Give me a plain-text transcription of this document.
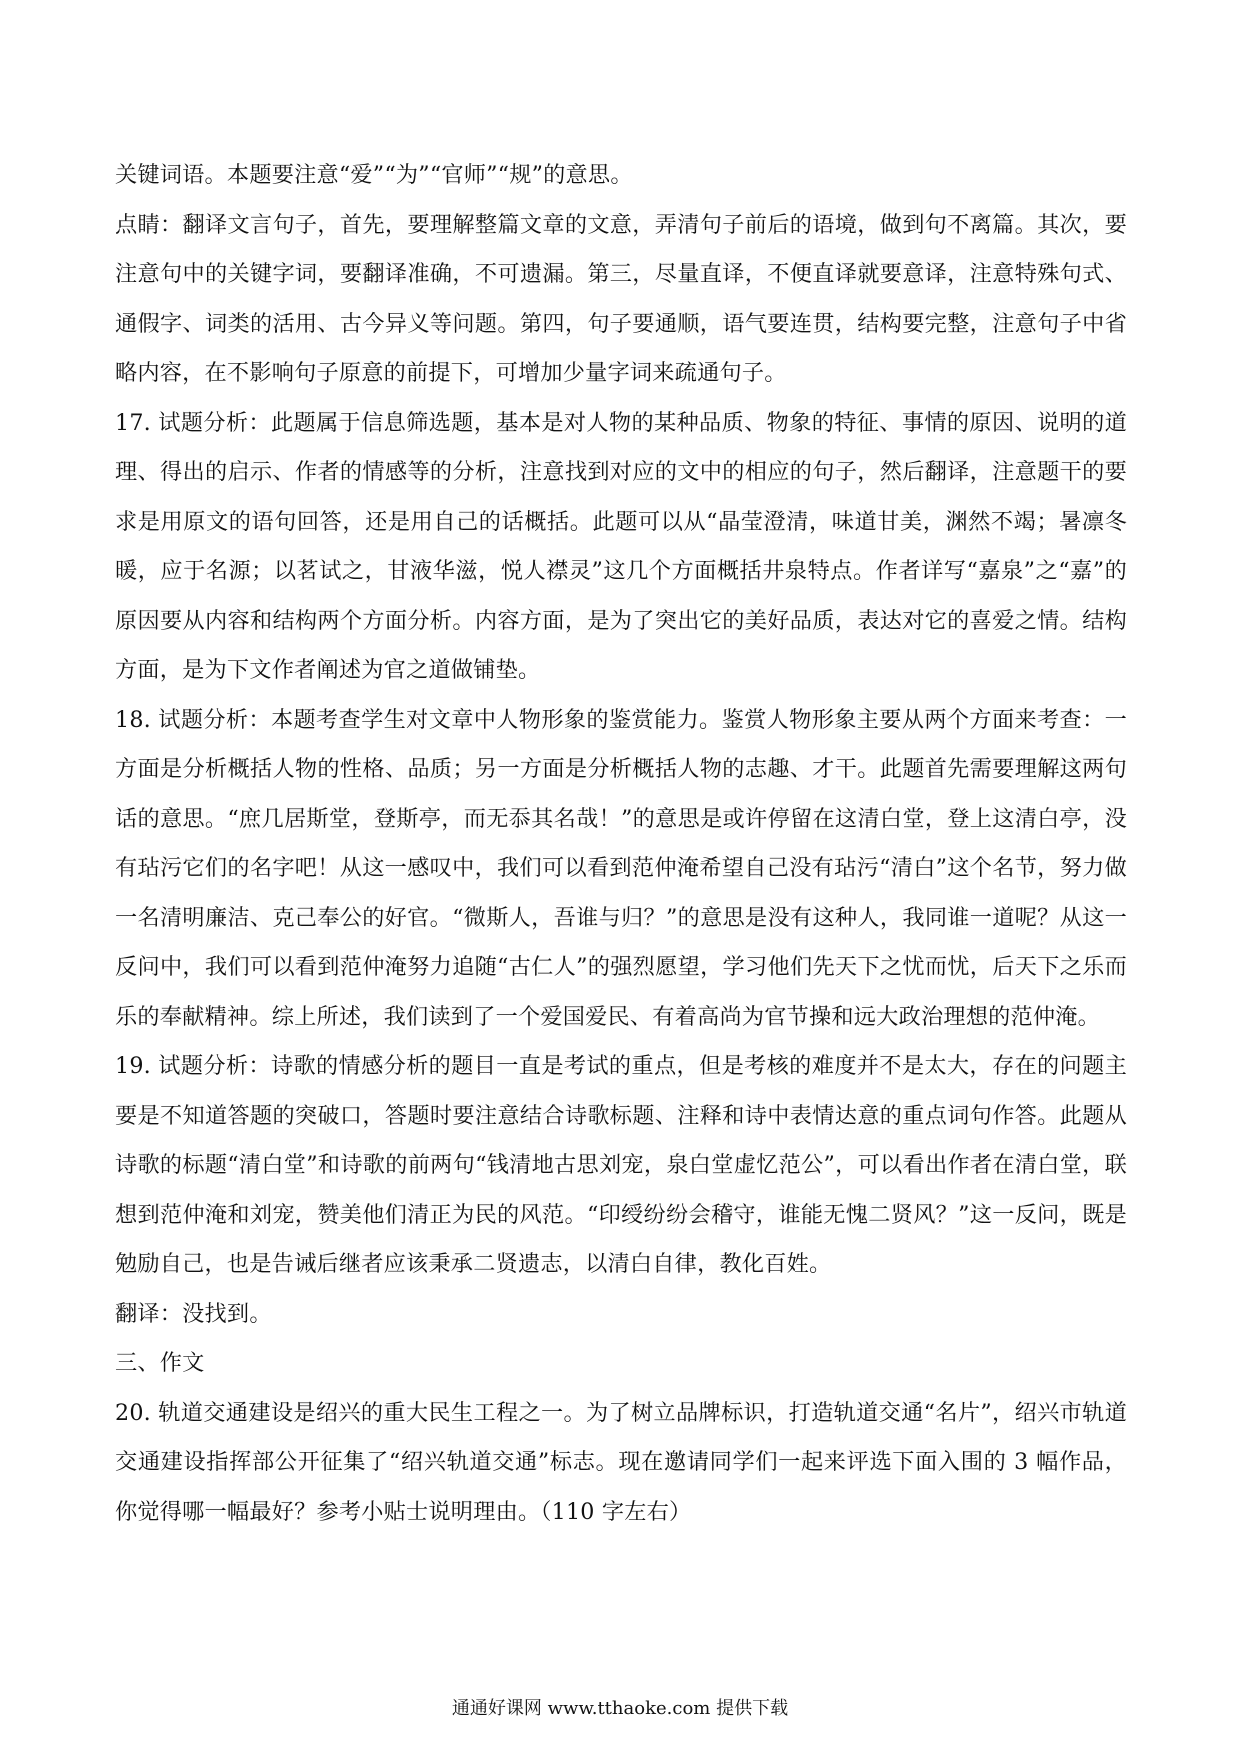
关键词语。本题要注意“爱”“为”“官师”“规”的意思。

点睛：翻译文言句子，首先，要理解整篇文章的文意，弄清句子前后的语境，做到句不离篇。其次，要注意句中的关键字词，要翻译准确，不可遗漏。第三，尽量直译，不便直译就要意译，注意特殊句式、通假字、词类的活用、古今异义等问题。第四，句子要通顺，语气要连贯，结构要完整，注意句子中省略内容，在不影响句子原意的前提下，可增加少量字词来疏通句子。

17. 试题分析：此题属于信息筛选题，基本是对人物的某种品质、物象的特征、事情的原因、说明的道理、得出的启示、作者的情感等的分析，注意找到对应的文中的相应的句子，然后翻译，注意题干的要求是用原文的语句回答，还是用自己的话概括。此题可以从“晶莹澄清，味道甘美，渊然不竭；暑凛冬暖，应于名源；以茗试之，甘液华滋，悦人襟灵”这几个方面概括井泉特点。作者详写“嘉泉”之“嘉”的原因要从内容和结构两个方面分析。内容方面，是为了突出它的美好品质，表达对它的喜爱之情。结构方面，是为下文作者阐述为官之道做铺垫。

18. 试题分析：本题考查学生对文章中人物形象的鉴赏能力。鉴赏人物形象主要从两个方面来考查：一方面是分析概括人物的性格、品质；另一方面是分析概括人物的志趣、才干。此题首先需要理解这两句话的意思。“庶几居斯堂，登斯亭，而无忝其名哉！”的意思是或许停留在这清白堂，登上这清白亭，没有玷污它们的名字吧！从这一感叹中，我们可以看到范仲淹希望自己没有玷污“清白”这个名节，努力做一名清明廉洁、克己奉公的好官。“微斯人，吾谁与归？”的意思是没有这种人，我同谁一道呢？从这一反问中，我们可以看到范仲淹努力追随“古仁人”的强烈愿望，学习他们先天下之忧而忧，后天下之乐而乐的奉献精神。综上所述，我们读到了一个爱国爱民、有着高尚为官节操和远大政治理想的范仲淹。

19. 试题分析：诗歌的情感分析的题目一直是考试的重点，但是考核的难度并不是太大，存在的问题主要是不知道答题的突破口，答题时要注意结合诗歌标题、注释和诗中表情达意的重点词句作答。此题从诗歌的标题“清白堂”和诗歌的前两句“钱清地古思刘宠，泉白堂虚忆范公”，可以看出作者在清白堂，联想到范仲淹和刘宠，赞美他们清正为民的风范。“印绶纷纷会稽守，谁能无愧二贤风？”这一反问，既是勉励自己，也是告诫后继者应该秉承二贤遗志，以清白自律，教化百姓。

翻译：没找到。

三、作文

20. 轨道交通建设是绍兴的重大民生工程之一。为了树立品牌标识，打造轨道交通“名片”，绍兴市轨道交通建设指挥部公开征集了“绍兴轨道交通”标志。现在邀请同学们一起来评选下面入围的 3 幅作品，你觉得哪一幅最好？参考小贴士说明理由。（110 字左右）

通通好课网 www.tthaoke.com 提供下载
